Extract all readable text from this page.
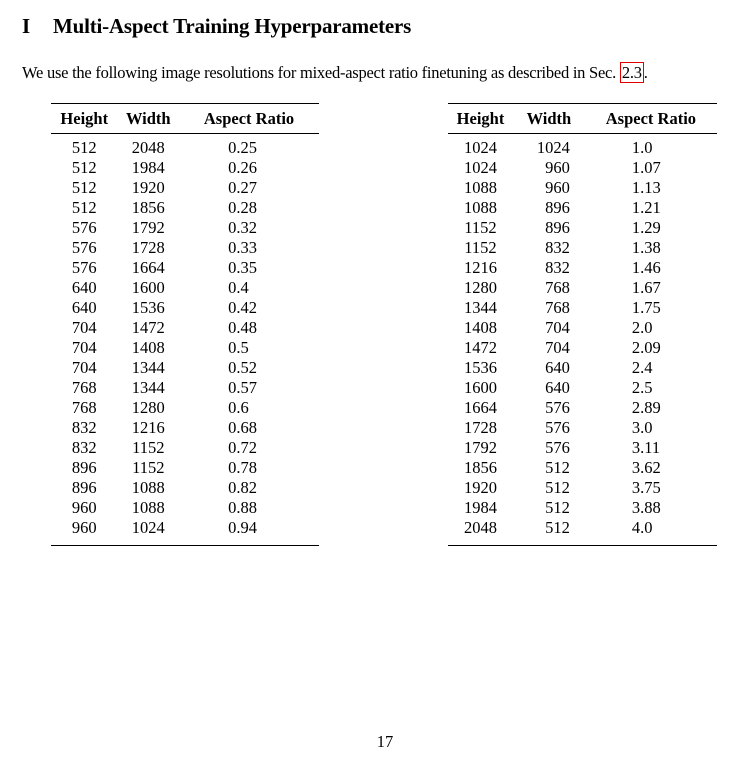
I Multi-Aspect Training Hyperparameters
We use the following image resolutions for mixed-aspect ratio finetuning as described in Sec. 2.3 .
Height	Width	Aspect Ratio
512	2048	0.25
512	1984	0.26
512	1920	0.27
512	1856	0.28
576	1792	0.32
576	1728	0.33
576	1664	0.35
640	1600	0.4
640	1536	0.42
704	1472	0.48
704	1408	0.5
704	1344	0.52
768	1344	0.57
768	1280	0.6
832	1216	0.68
832	1152	0.72
896	1152	0.78
896	1088	0.82
960	1088	0.88
960	1024	0.94
Height	Width	Aspect Ratio
1024	1024	1.0
1024	960	1.07
1088	960	1.13
1088	896	1.21
1152	896	1.29
1152	832	1.38
1216	832	1.46
1280	768	1.67
1344	768	1.75
1408	704	2.0
1472	704	2.09
1536	640	2.4
1600	640	2.5
1664	576	2.89
1728	576	3.0
1792	576	3.11
1856	512	3.62
1920	512	3.75
1984	512	3.88
2048	512	4.0
17
